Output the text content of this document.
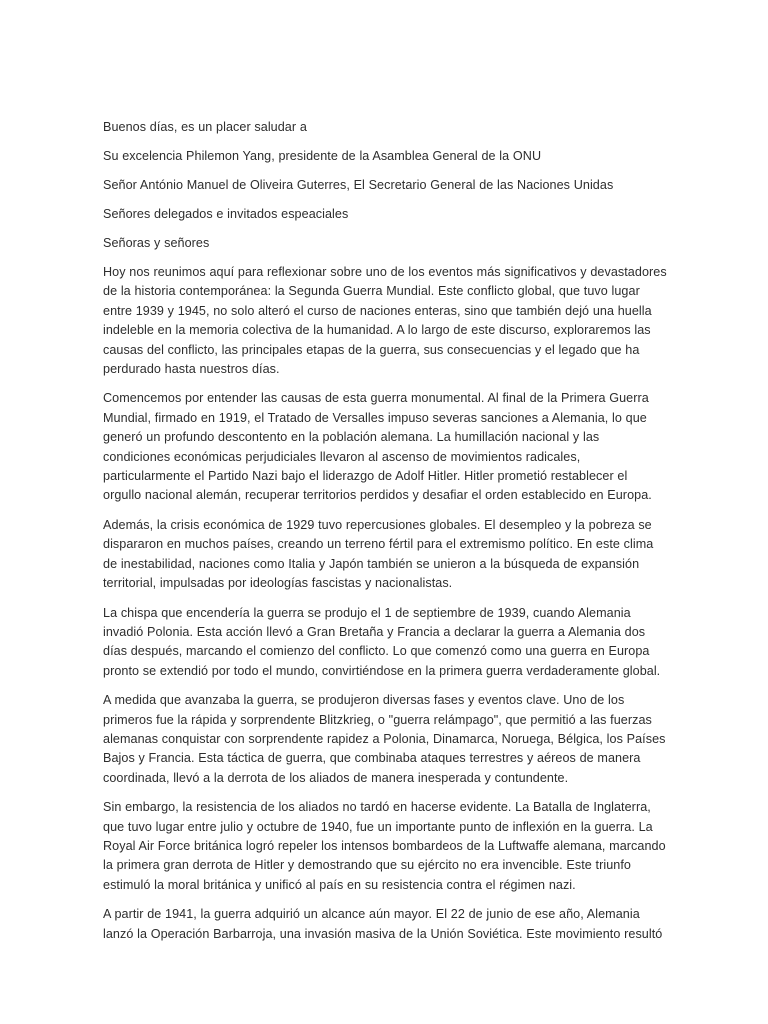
Buenos días, es un placer saludar a

Su excelencia Philemon Yang, presidente de la Asamblea General de la ONU

Señor António Manuel de Oliveira Guterres, El Secretario General de las Naciones Unidas

Señores delegados e invitados espeaciales

Señoras y señores

Hoy nos reunimos aquí para reflexionar sobre uno de los eventos más significativos y devastadores de la historia contemporánea: la Segunda Guerra Mundial. Este conflicto global, que tuvo lugar entre 1939 y 1945, no solo alteró el curso de naciones enteras, sino que también dejó una huella indeleble en la memoria colectiva de la humanidad. A lo largo de este discurso, exploraremos las causas del conflicto, las principales etapas de la guerra, sus consecuencias y el legado que ha perdurado hasta nuestros días.

Comencemos por entender las causas de esta guerra monumental. Al final de la Primera Guerra Mundial, firmado en 1919, el Tratado de Versalles impuso severas sanciones a Alemania, lo que generó un profundo descontento en la población alemana. La humillación nacional y las condiciones económicas perjudiciales llevaron al ascenso de movimientos radicales, particularmente el Partido Nazi bajo el liderazgo de Adolf Hitler. Hitler prometió restablecer el orgullo nacional alemán, recuperar territorios perdidos y desafiar el orden establecido en Europa.

Además, la crisis económica de 1929 tuvo repercusiones globales. El desempleo y la pobreza se dispararon en muchos países, creando un terreno fértil para el extremismo político. En este clima de inestabilidad, naciones como Italia y Japón también se unieron a la búsqueda de expansión territorial, impulsadas por ideologías fascistas y nacionalistas.

La chispa que encendería la guerra se produjo el 1 de septiembre de 1939, cuando Alemania invadió Polonia. Esta acción llevó a Gran Bretaña y Francia a declarar la guerra a Alemania dos días después, marcando el comienzo del conflicto. Lo que comenzó como una guerra en Europa pronto se extendió por todo el mundo, convirtiéndose en la primera guerra verdaderamente global.

A medida que avanzaba la guerra, se produjeron diversas fases y eventos clave. Uno de los primeros fue la rápida y sorprendente Blitzkrieg, o "guerra relámpago", que permitió a las fuerzas alemanas conquistar con sorprendente rapidez a Polonia, Dinamarca, Noruega, Bélgica, los Países Bajos y Francia. Esta táctica de guerra, que combinaba ataques terrestres y aéreos de manera coordinada, llevó a la derrota de los aliados de manera inesperada y contundente.

Sin embargo, la resistencia de los aliados no tardó en hacerse evidente. La Batalla de Inglaterra, que tuvo lugar entre julio y octubre de 1940, fue un importante punto de inflexión en la guerra. La Royal Air Force británica logró repeler los intensos bombardeos de la Luftwaffe alemana, marcando la primera gran derrota de Hitler y demostrando que su ejército no era invencible. Este triunfo estimuló la moral británica y unificó al país en su resistencia contra el régimen nazi.

A partir de 1941, la guerra adquirió un alcance aún mayor. El 22 de junio de ese año, Alemania lanzó la Operación Barbarroja, una invasión masiva de la Unión Soviética. Este movimiento resultó
